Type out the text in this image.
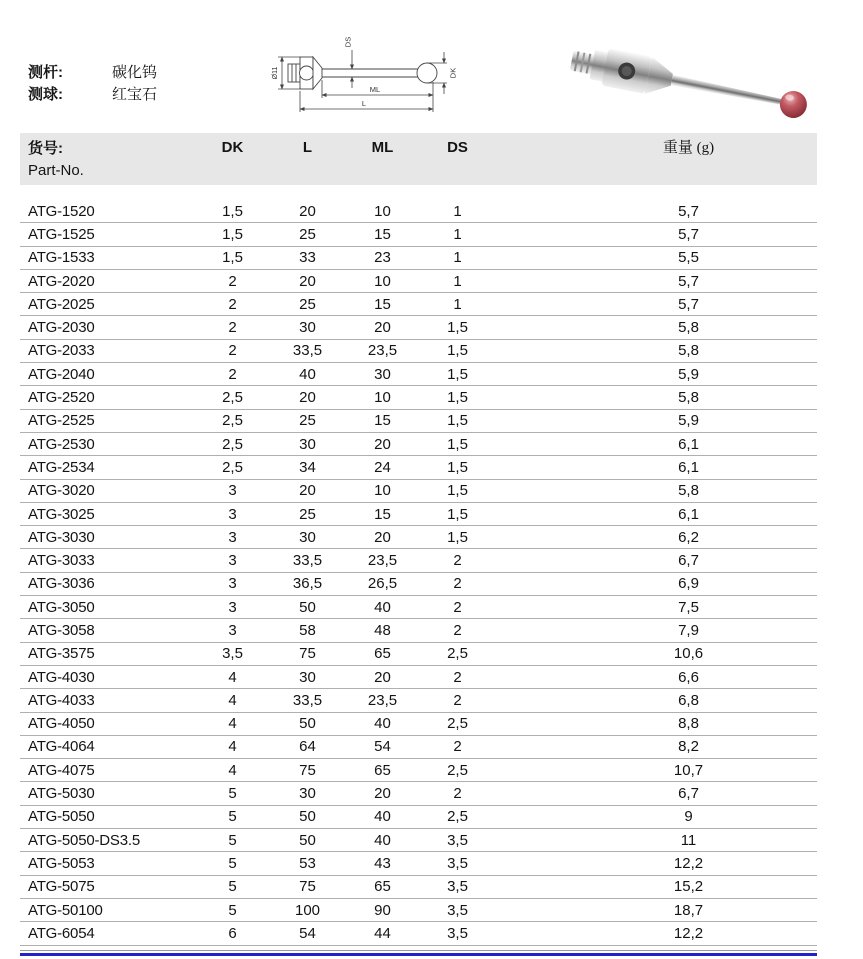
测杆:	碳化钨
测球:	红宝石
Ø11
DS
DK
ML
L
货号:
Part-No.
DK	L	ML	DS	重量 (g)
ATG-1520	1,5	20	10	1	5,7
ATG-1525	1,5	25	15	1	5,7
ATG-1533	1,5	33	23	1	5,5
ATG-2020	2	20	10	1	5,7
ATG-2025	2	25	15	1	5,7
ATG-2030	2	30	20	1,5	5,8
ATG-2033	2	33,5	23,5	1,5	5,8
ATG-2040	2	40	30	1,5	5,9
ATG-2520	2,5	20	10	1,5	5,8
ATG-2525	2,5	25	15	1,5	5,9
ATG-2530	2,5	30	20	1,5	6,1
ATG-2534	2,5	34	24	1,5	6,1
ATG-3020	3	20	10	1,5	5,8
ATG-3025	3	25	15	1,5	6,1
ATG-3030	3	30	20	1,5	6,2
ATG-3033	3	33,5	23,5	2	6,7
ATG-3036	3	36,5	26,5	2	6,9
ATG-3050	3	50	40	2	7,5
ATG-3058	3	58	48	2	7,9
ATG-3575	3,5	75	65	2,5	10,6
ATG-4030	4	30	20	2	6,6
ATG-4033	4	33,5	23,5	2	6,8
ATG-4050	4	50	40	2,5	8,8
ATG-4064	4	64	54	2	8,2
ATG-4075	4	75	65	2,5	10,7
ATG-5030	5	30	20	2	6,7
ATG-5050	5	50	40	2,5	9
ATG-5050-DS3.5	5	50	40	3,5	11
ATG-5053	5	53	43	3,5	12,2
ATG-5075	5	75	65	3,5	15,2
ATG-50100	5	100	90	3,5	18,7
ATG-6054	6	54	44	3,5	12,2
